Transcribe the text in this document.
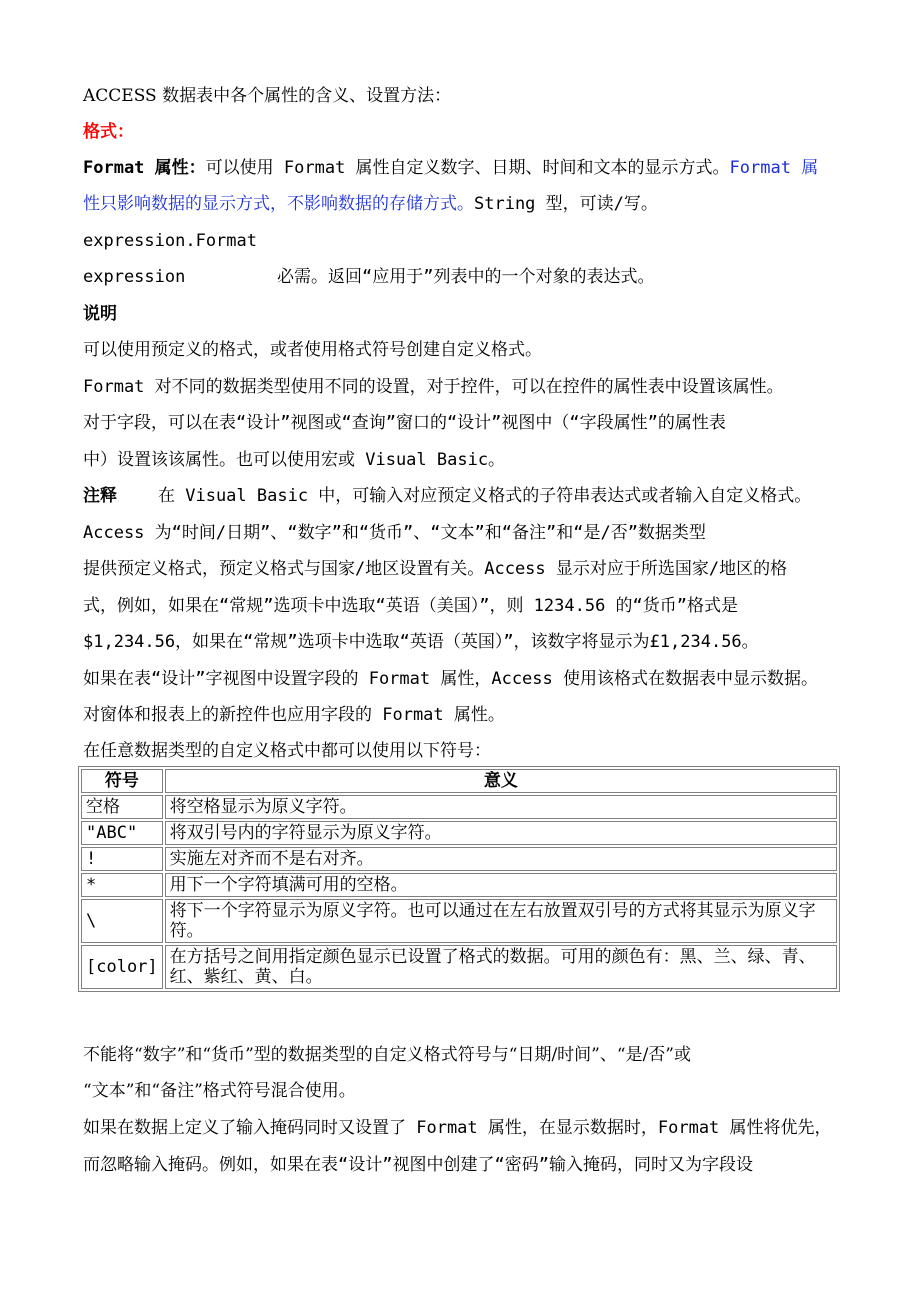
ACCESS 数据表中各个属性的含义、设置方法：
格式：
Format 属性：可以使用 Format 属性自定义数字、日期、时间和文本的显示方式。Format 属
性只影响数据的显示方式，不影响数据的存储方式。String 型，可读/写。
expression.Format
expression	必需。返回“应用于”列表中的一个对象的表达式。
说明
可以使用预定义的格式，或者使用格式符号创建自定义格式。
Format 对不同的数据类型使用不同的设置，对于控件，可以在控件的属性表中设置该属性。
对于字段，可以在表“设计”视图或“查询”窗口的“设计”视图中（“字段属性”的属性表
中）设置该该属性。也可以使用宏或 Visual Basic。
注释 在 Visual Basic 中，可输入对应预定义格式的子符串表达式或者输入自定义格式。
Access 为“时间/日期”、“数字”和“货币”、“文本”和“备注”和“是/否”数据类型
提供预定义格式，预定义格式与国家/地区设置有关。Access 显示对应于所选国家/地区的格
式，例如，如果在“常规”选项卡中选取“英语（美国）”，则 1234.56 的“货币”格式是
$1,234.56，如果在“常规”选项卡中选取“英语（英国）”，该数字将显示为£1,234.56。
如果在表“设计”字视图中设置字段的 Format 属性，Access 使用该格式在数据表中显示数据。
对窗体和报表上的新控件也应用字段的 Format 属性。
在任意数据类型的自定义格式中都可以使用以下符号：
符号	意义
空格	将空格显示为原义字符。
"ABC"	将双引号内的字符显示为原义字符。
!	实施左对齐而不是右对齐。
*	用下一个字符填满可用的空格。
\	将下一个字符显示为原义字符。也可以通过在左右放置双引号的方式将其显示为原义字符。
[color]	在方括号之间用指定颜色显示已设置了格式的数据。可用的颜色有：黑、兰、绿、青、红、紫红、黄、白。
不能将“数字”和“货币”型的数据类型的自定义格式符号与“日期/时间”、“是/否”或
“文本”和“备注”格式符号混合使用。
如果在数据上定义了输入掩码同时又设置了 Format 属性，在显示数据时，Format 属性将优先，
而忽略输入掩码。例如，如果在表“设计”视图中创建了“密码”输入掩码，同时又为字段设
